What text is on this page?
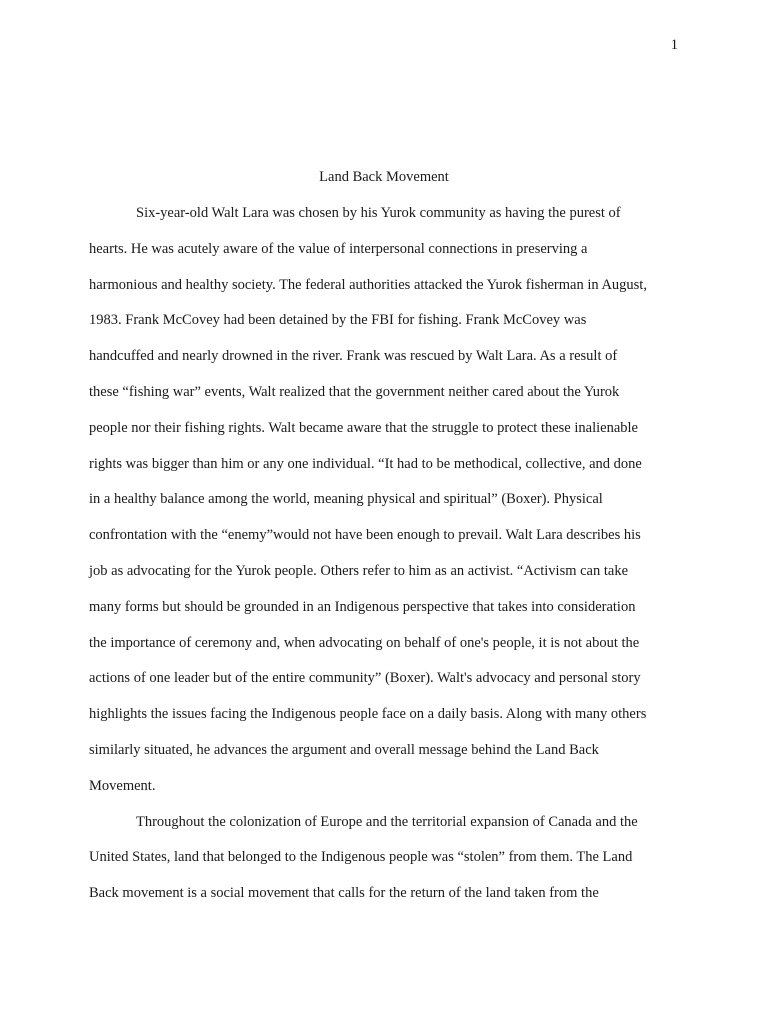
1
Land Back Movement
Six-year-old Walt Lara was chosen by his Yurok community as having the purest of
hearts. He was acutely aware of the value of interpersonal connections in preserving a
harmonious and healthy society. The federal authorities attacked the Yurok fisherman in August,
1983. Frank McCovey had been detained by the FBI for fishing. Frank McCovey was
handcuffed and nearly drowned in the river. Frank was rescued by Walt Lara. As a result of
these “fishing war” events, Walt realized that the government neither cared about the Yurok
people nor their fishing rights. Walt became aware that the struggle to protect these inalienable
rights was bigger than him or any one individual. “It had to be methodical, collective, and done
in a healthy balance among the world, meaning physical and spiritual” (Boxer). Physical
confrontation with the “enemy”would not have been enough to prevail. Walt Lara describes his
job as advocating for the Yurok people. Others refer to him as an activist. “Activism can take
many forms but should be grounded in an Indigenous perspective that takes into consideration
the importance of ceremony and, when advocating on behalf of one's people, it is not about the
actions of one leader but of the entire community” (Boxer). Walt's advocacy and personal story
highlights the issues facing the Indigenous people face on a daily basis. Along with many others
similarly situated, he advances the argument and overall message behind the Land Back
Movement.
Throughout the colonization of Europe and the territorial expansion of Canada and the
United States, land that belonged to the Indigenous people was “stolen” from them. The Land
Back movement is a social movement that calls for the return of the land taken from the
